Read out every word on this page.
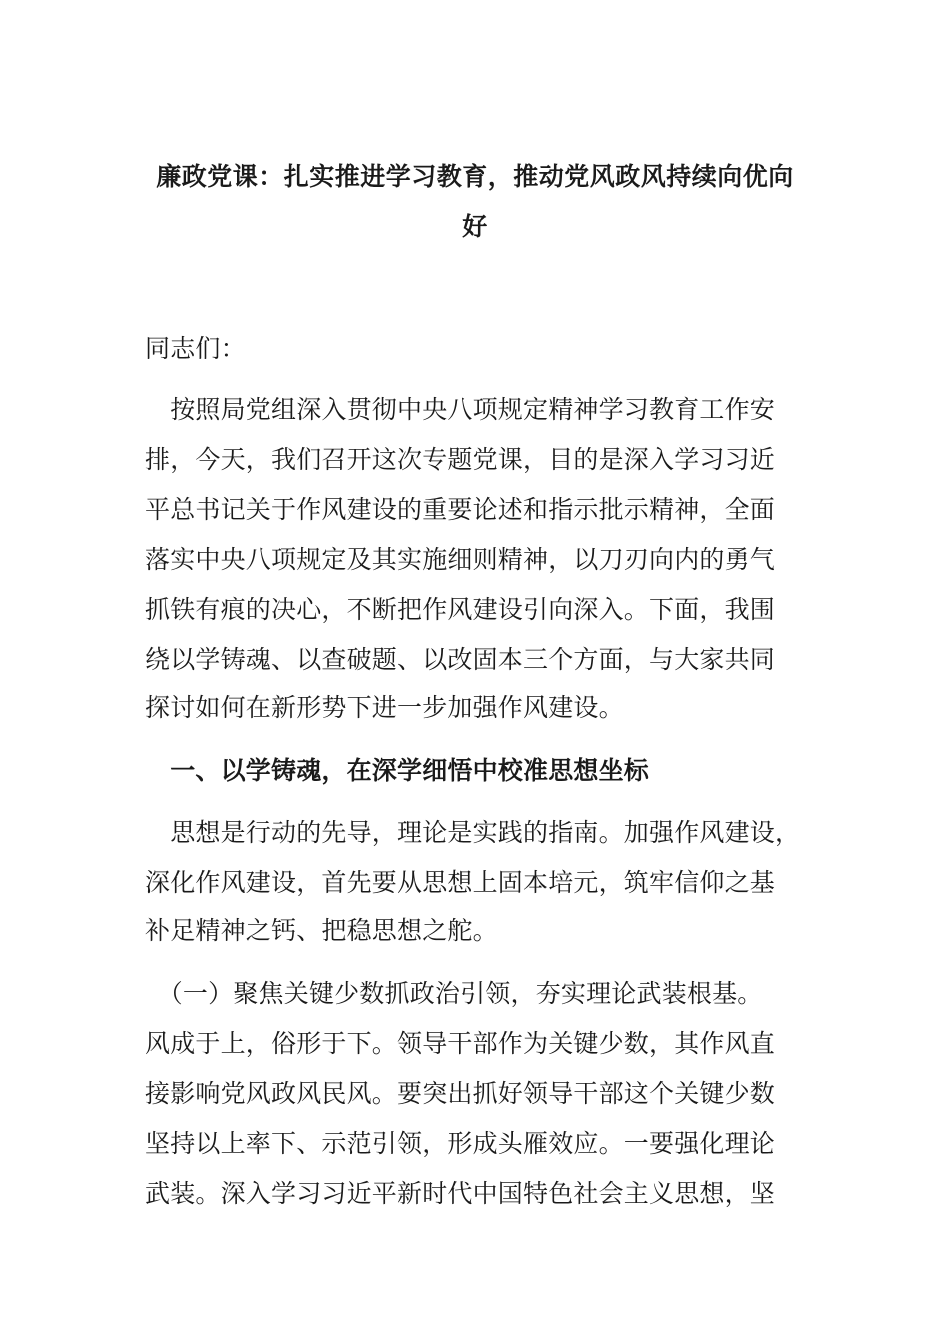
廉政党课：扎实推进学习教育，推动党风政风持续向优向
好

同志们：

　按照局党组深入贯彻中央八项规定精神学习教育工作安

排，今天，我们召开这次专题党课，目的是深入学习习近

平总书记关于作风建设的重要论述和指示批示精神，全面

落实中央八项规定及其实施细则精神，以刀刃向内的勇气

抓铁有痕的决心，不断把作风建设引向深入。下面，我围

绕以学铸魂、以查破题、以改固本三个方面，与大家共同

探讨如何在新形势下进一步加强作风建设。

　一、以学铸魂，在深学细悟中校准思想坐标

　思想是行动的先导，理论是实践的指南。加强作风建设，

深化作风建设，首先要从思想上固本培元，筑牢信仰之基

补足精神之钙、把稳思想之舵。

　（一）聚焦关键少数抓政治引领，夯实理论武装根基。

风成于上，俗形于下。领导干部作为关键少数，其作风直

接影响党风政风民风。要突出抓好领导干部这个关键少数

坚持以上率下、示范引领，形成头雁效应。一要强化理论

武装。深入学习习近平新时代中国特色社会主义思想，坚
